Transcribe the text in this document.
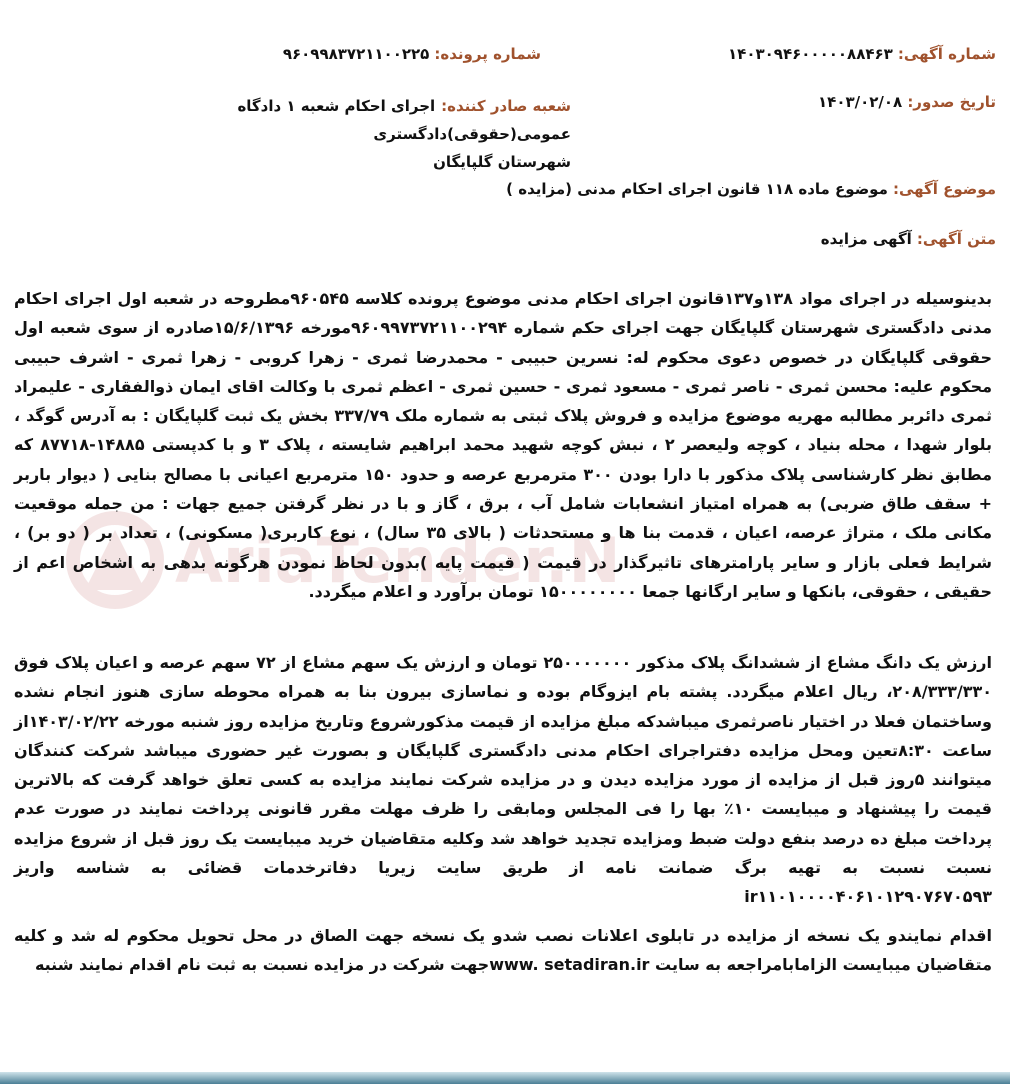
شماره آگهی: ۱۴۰۳۰۹۴۶۰۰۰۰۰۸۸۴۶۳
شماره پرونده: ۹۶۰۹۹۸۳۷۲۱۱۰۰۲۲۵
تاریخ صدور: ۱۴۰۳/۰۲/۰۸
شعبه صادر کننده:
اجرای احکام شعبه ۱ دادگاه عمومی(حقوقی)دادگستری
شهرستان گلپایگان
موضوع آگهی: موضوع ماده ۱۱۸ قانون اجرای احکام مدنی (مزایده )
متن آگهی: آگهی مزایده
AriaTender.N

بدینوسیله در اجرای مواد ۱۳۸و۱۳۷قانون اجرای احکام مدنی موضوع پرونده کلاسه ۹۶۰۵۴۵مطروحه در شعبه اول اجرای احکام مدنی دادگستری شهرستان گلپایگان جهت اجرای حکم شماره ۹۶۰۹۹۷۳۷۲۱۱۰۰۲۹۴مورخه ۱۵/۶/۱۳۹۶صادره از سوی شعبه اول حقوقی گلپایگان در خصوص دعوی محکوم له: نسرین حبیبی - محمدرضا ثمری - زهرا کروبی - زهرا ثمری - اشرف حبیبی محکوم علیه: محسن ثمری - ناصر ثمری - مسعود ثمری - حسین ثمری - اعظم ثمری با وکالت اقای ایمان ذوالفقاری - علیمراد ثمری دائربر مطالبه مهریه موضوع مزایده و فروش پلاک ثبتی به شماره ملک ۳۳۷/۷۹ بخش یک ثبت گلپایگان : به آدرس گوگد ، بلوار شهدا ، محله بنیاد ، کوچه ولیعصر ۲ ، نبش کوچه شهید محمد ابراهیم شایسته ، پلاک ۳ و با کدپستی ۱۴۸۸۵-۸۷۷۱۸ که مطابق نظر کارشناسی پلاک مذکور با دارا بودن ۳۰۰ مترمربع عرصه و حدود ۱۵۰ مترمربع اعیانی با مصالح بنایی ( دیوار باربر + سقف طاق ضربی) به همراه امتیاز انشعابات شامل آب ، برق ، گاز و با در نظر گرفتن جمیع جهات : من جمله موقعیت مکانی ملک ، متراژ عرصه، اعیان ، قدمت بنا ها و مستحدثات ( بالای ۳۵ سال) ، نوع کاربری( مسکونی) ، تعداد بر ( دو بر) ، شرایط فعلی بازار و سایر پارامترهای تاثیرگذار در قیمت ( قیمت پایه )بدون لحاظ نمودن هرگونه بدهی به اشخاص اعم از حقیقی ، حقوقی، بانکها و سایر ارگانها جمعا ۱۵۰۰۰۰۰۰۰۰ تومان برآورد و اعلام میگردد.

ارزش یک دانگ مشاع از ششدانگ پلاک مذکور ۲۵۰۰۰۰۰۰۰ تومان و ارزش یک سهم مشاع از ۷۲ سهم عرصه و اعیان پلاک فوق ۲۰۸/۳۳۳/۳۳۰، ریال اعلام میگردد. پشته بام ایزوگام بوده و نماسازی بیرون بنا به همراه محوطه سازی هنوز انجام نشده وساختمان فعلا در اختیار ناصرثمری میباشدکه مبلغ مزایده از قیمت مذکورشروع وتاریخ مزایده روز شنبه مورخه ۱۴۰۳/۰۲/۲۲از ساعت ۸:۳۰تعین ومحل مزایده دفتراجرای احکام مدنی دادگستری گلپایگان و بصورت غیر حضوری میباشد شرکت کنندگان میتوانند ۵روز قبل از مزایده از مورد مزایده دیدن و در مزایده شرکت نمایند مزایده به کسی تعلق خواهد گرفت که بالاترین قیمت را پیشنهاد و میبایست ۱۰٪ بها را فی المجلس ومابقی را ظرف مهلت مقرر قانونی پرداخت نمایند در صورت عدم پرداخت مبلغ ده درصد بنفع دولت ضبط ومزایده تجدید خواهد شد وکلیه متقاضیان خرید میبایست یک روز قبل از شروع مزایده نسبت نسبت به تهیه برگ ضمانت نامه از طریق سایت زیریا دفاترخدمات قضائی به شناسه واریز ir۱۱۰۱۰۰۰۰۴۰۶۱۰۱۲۹۰۷۶۷۰۵۹۳

اقدام نمایندو یک نسخه از مزایده در تابلوی اعلانات نصب شدو یک نسخه جهت الصاق در محل تحویل محکوم له شد و کلیه متقاضیان میبایست الزامابامراجعه به سایت www. setadiran.irجهت شرکت در مزایده نسبت به ثبت نام اقدام نمایند شنبه
